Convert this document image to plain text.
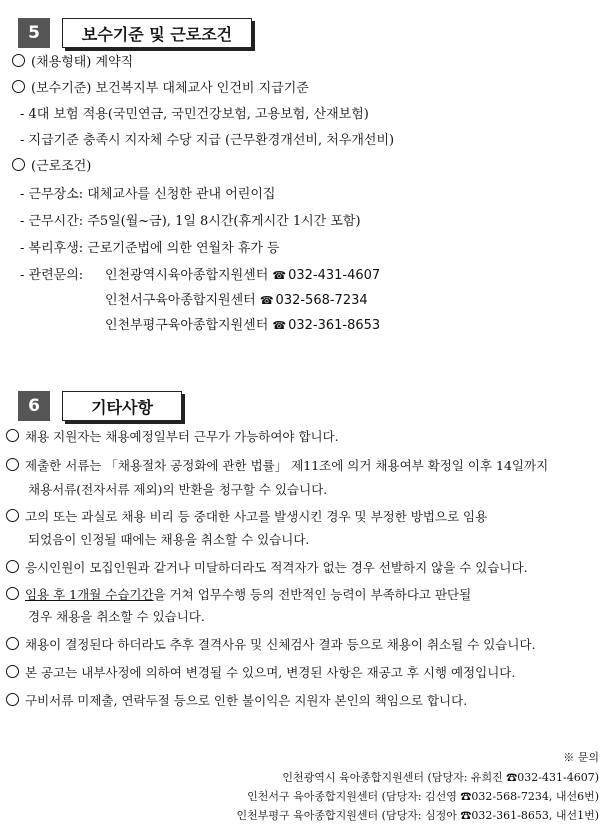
5	보수기준 및 근로조건
(채용형태) 계약직
(보수기준) 보건복지부 대체교사 인건비 지급기준
- 4대 보험 적용(국민연금, 국민건강보험, 고용보험, 산재보험)
- 지급기준 충족시 지자체 수당 지급 (근무환경개선비, 처우개선비)
(근로조건)
- 근무장소: 대체교사를 신청한 관내 어린이집
- 근무시간: 주5일(월~금), 1일 8시간(휴게시간 1시간 포함)
- 복리후생: 근로기준법에 의한 연월차 휴가 등
- 관련문의: 인천광역시육아종합지원센터 ☎ 032-431-4607
인천서구육아종합지원센터 ☎ 032-568-7234
인천부평구육아종합지원센터 ☎ 032-361-8653
6	기타사항
채용 지원자는 채용예정일부터 근무가 가능하여야 합니다.
제출한 서류는 「채용절차 공정화에 관한 법률」 제11조에 의거 채용여부 확정일 이후 14일까지
채용서류(전자서류 제외)의 반환을 청구할 수 있습니다.
고의 또는 과실로 채용 비리 등 중대한 사고를 발생시킨 경우 및 부정한 방법으로 임용
되었음이 인정될 때에는 채용을 취소할 수 있습니다.
응시인원이 모집인원과 같거나 미달하더라도 적격자가 없는 경우 선발하지 않을 수 있습니다.
임용 후 1개월 수습기간을 거쳐 업무수행 등의 전반적인 능력이 부족하다고 판단될
경우 채용을 취소할 수 있습니다.
채용이 결정된다 하더라도 추후 결격사유 및 신체검사 결과 등으로 채용이 취소될 수 있습니다.
본 공고는 내부사정에 의하여 변경될 수 있으며, 변경된 사항은 재공고 후 시행 예정입니다.
구비서류 미제출, 연락두절 등으로 인한 불이익은 지원자 본인의 책임으로 합니다.
※ 문의
인천광역시 육아종합지원센터 (담당자: 유희진 ☎032-431-4607)
인천서구 육아종합지원센터 (담당자: 김선영 ☎032-568-7234, 내선6번)
인천부평구 육아종합지원센터 (담당자: 심정아 ☎032-361-8653, 내선1번)
